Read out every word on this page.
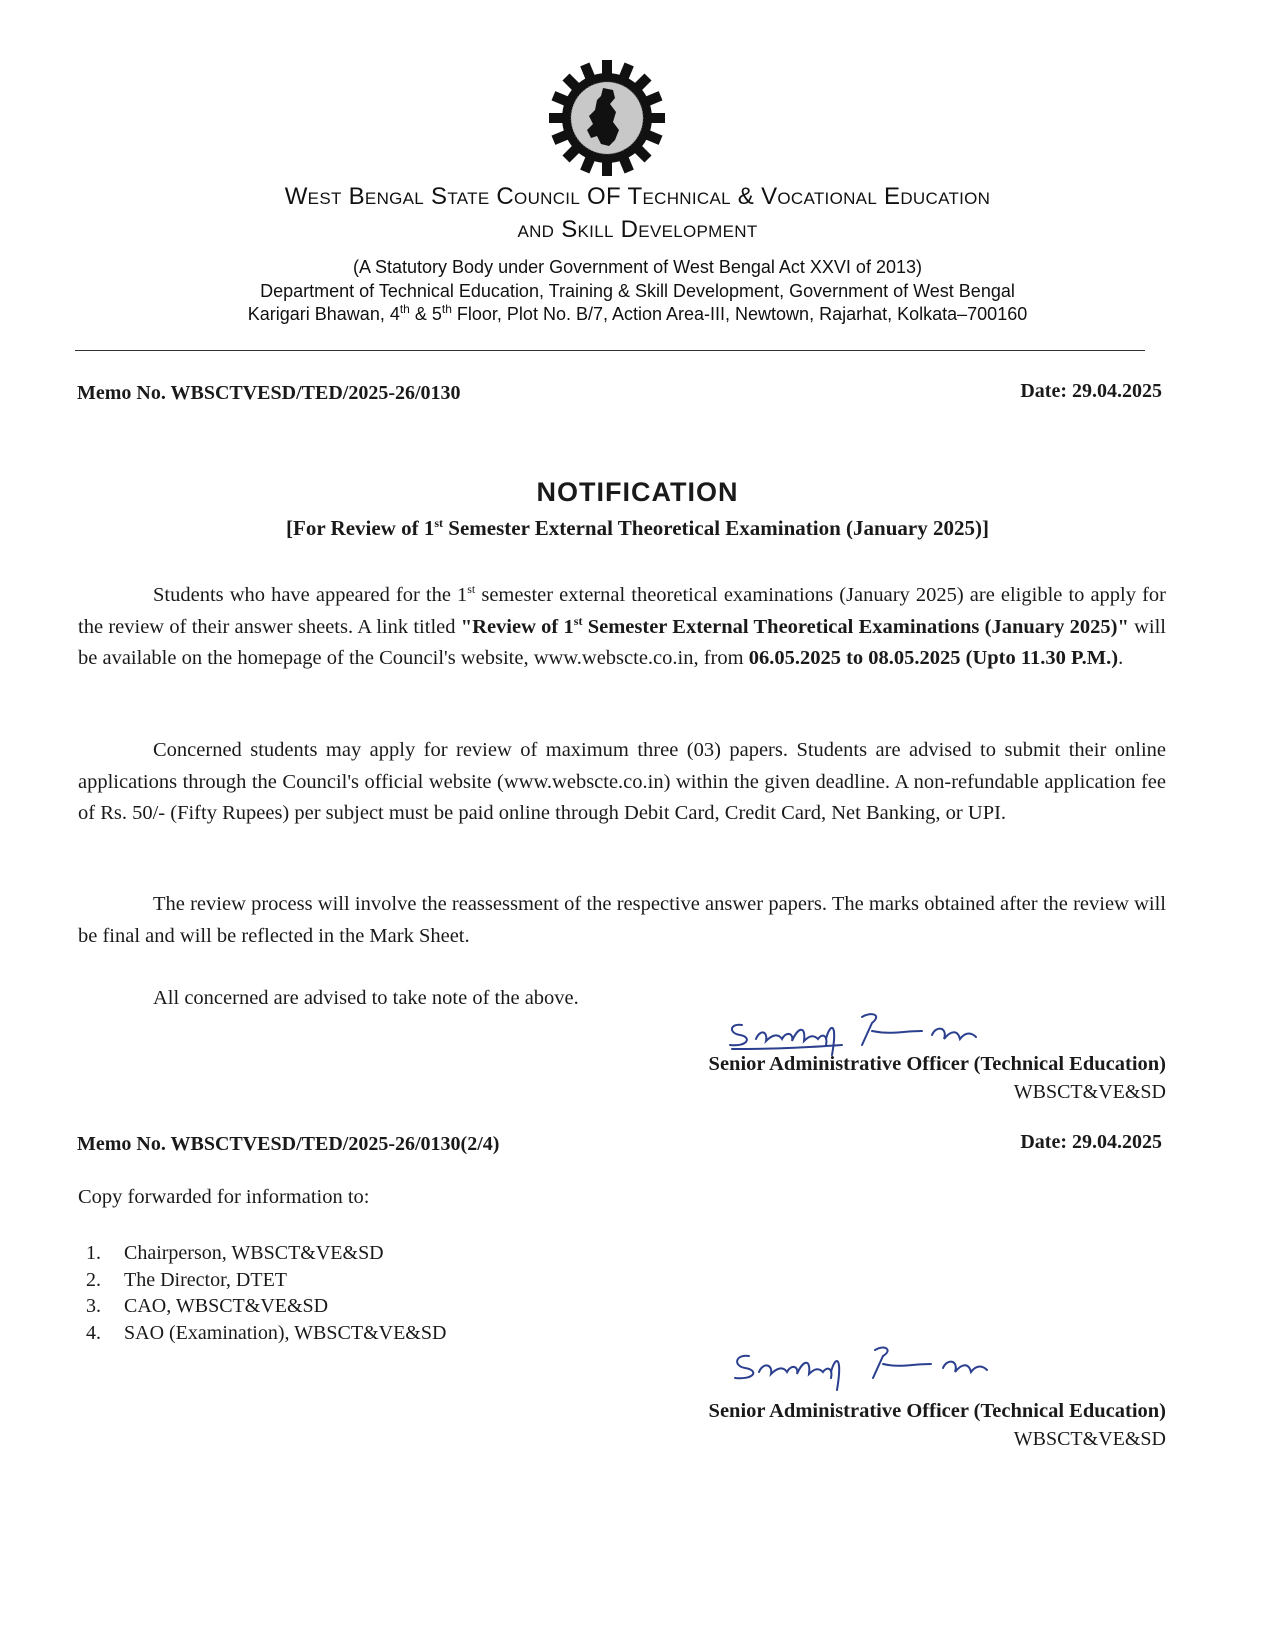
West Bengal State Council OF Technical & Vocational Education
and Skill Development
(A Statutory Body under Government of West Bengal Act XXVI of 2013)
Department of Technical Education, Training & Skill Development, Government of West Bengal
Karigari Bhawan, 4th & 5th Floor, Plot No. B/7, Action Area-III, Newtown, Rajarhat, Kolkata–700160
Memo No. WBSCTVESD/TED/2025-26/0130	Date: 29.04.2025
NOTIFICATION
[For Review of 1st Semester External Theoretical Examination (January 2025)]
Students who have appeared for the 1st semester external theoretical examinations (January 2025) are eligible to apply for the review of their answer sheets. A link titled "Review of 1st Semester External Theoretical Examinations (January 2025)" will be available on the homepage of the Council's website, www.webscte.co.in, from 06.05.2025 to 08.05.2025 (Upto 11.30 P.M.).
Concerned students may apply for review of maximum three (03) papers. Students are advised to submit their online applications through the Council's official website (www.webscte.co.in) within the given deadline. A non-refundable application fee of Rs. 50/- (Fifty Rupees) per subject must be paid online through Debit Card, Credit Card, Net Banking, or UPI.
The review process will involve the reassessment of the respective answer papers. The marks obtained after the review will be final and will be reflected in the Mark Sheet.
All concerned are advised to take note of the above.
Senior Administrative Officer (Technical Education)
WBSCT&VE&SD
Memo No. WBSCTVESD/TED/2025-26/0130(2/4)	Date: 29.04.2025
Copy forwarded for information to:
1. Chairperson, WBSCT&VE&SD
2. The Director, DTET
3. CAO, WBSCT&VE&SD
4. SAO (Examination), WBSCT&VE&SD
Senior Administrative Officer (Technical Education)
WBSCT&VE&SD
